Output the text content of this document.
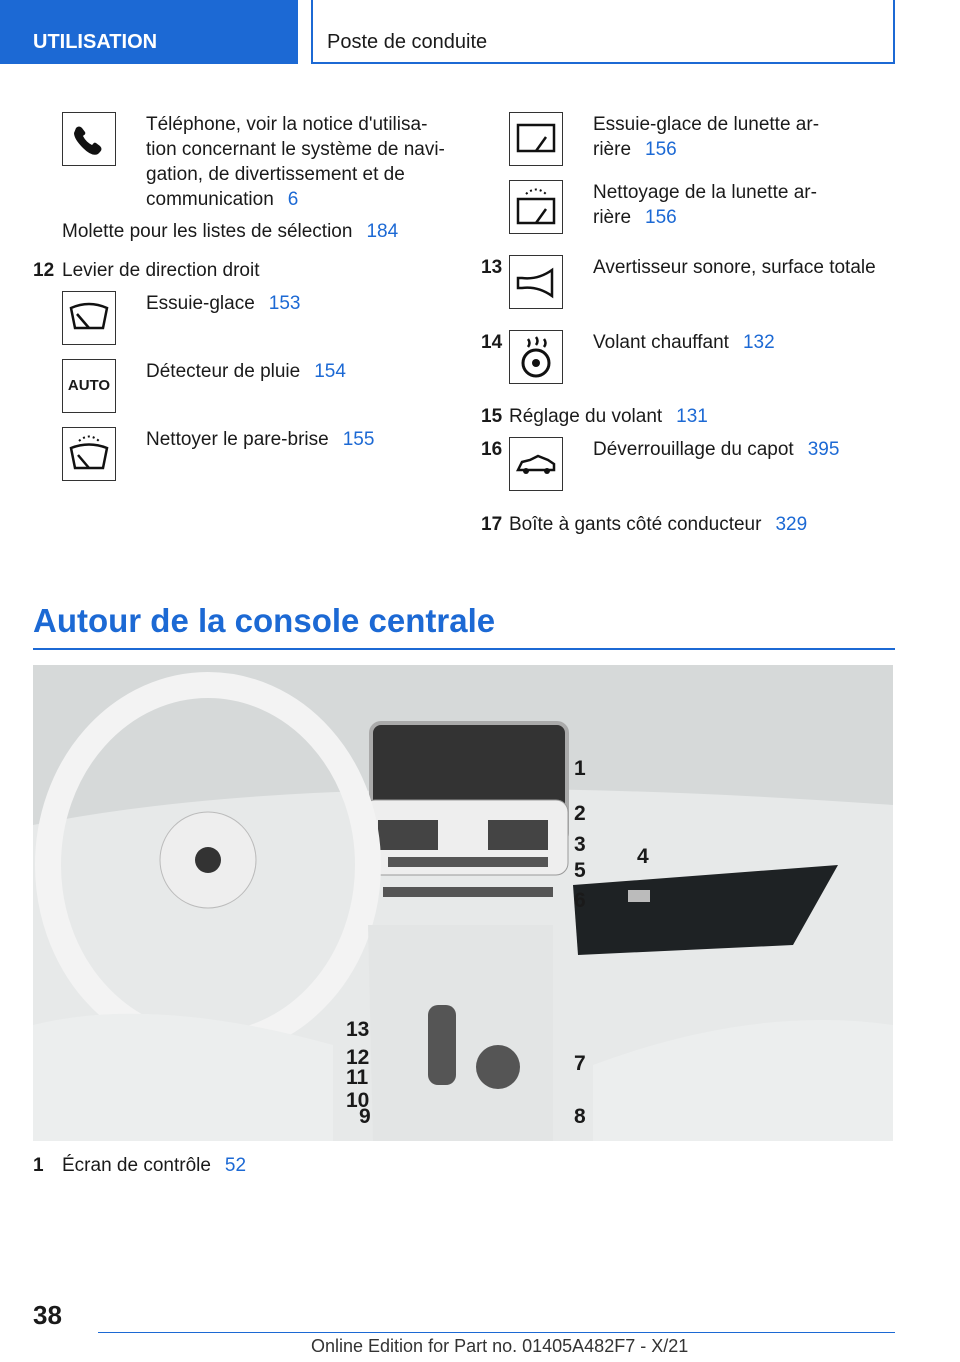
UTILISATION	Poste de conduite
Téléphone, voir la notice d'utilisa-
tion concernant le système de navi-
gation, de divertissement et de
communication 6
Molette pour les listes de sélection 184
12 Levier de direction droit
Essuie-glace 153
AUTO
Détecteur de pluie 154
Nettoyer le pare-brise 155
Essuie-glace de lunette ar-
rière 156
Nettoyage de la lunette ar-
rière 156
13	Avertisseur sonore, surface totale
14	Volant chauffant 132
15 Réglage du volant 131
16	Déverrouillage du capot 395
17 Boîte à gants côté conducteur 329
Autour de la console centrale
1
2
3
5
6
4
13
12
11
10
9
7
8
1 Écran de contrôle 52
38
Online Edition for Part no. 01405A482F7 - X/21
